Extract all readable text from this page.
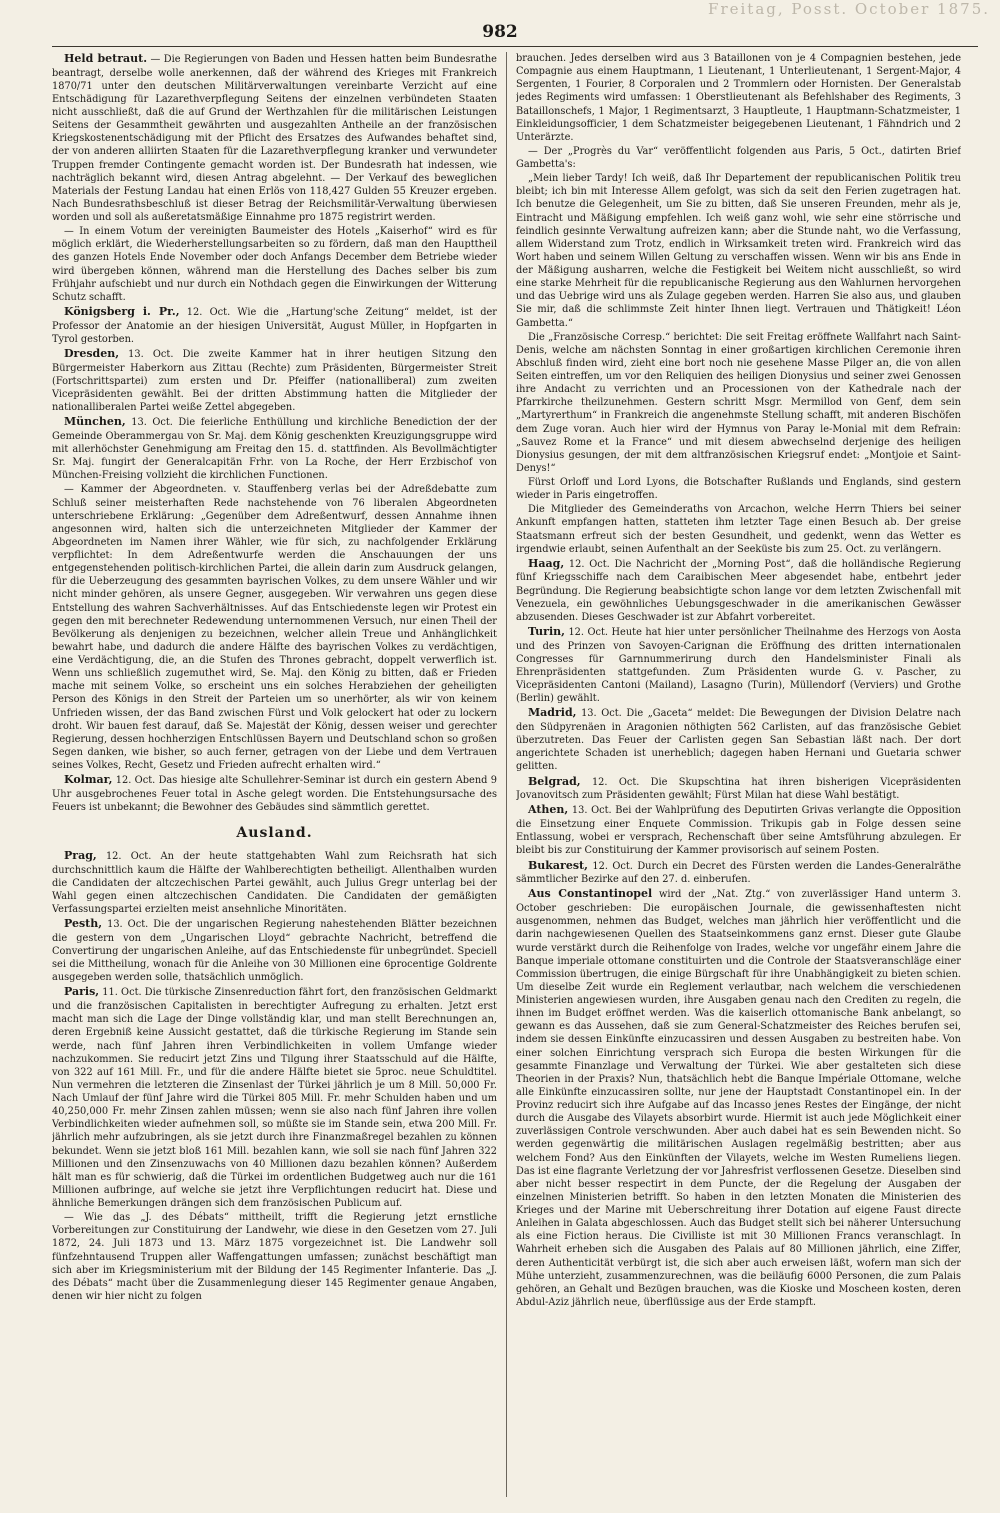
Freitag, Posst. October 1875.
982

Held betraut. — Die Regierungen von Baden und Hessen hatten beim Bundesrathe beantragt, derselbe wolle anerkennen, daß der während des Krieges mit Frankreich 1870/71 unter den deutschen Militärverwaltungen vereinbarte Verzicht auf eine Entschädigung für Lazarethverpflegung Seitens der einzelnen verbündeten Staaten nicht ausschließt, daß die auf Grund der Werthzahlen für die militärischen Leistungen Seitens der Gesammtheit gewährten und ausgezahlten Antheile an der französischen Kriegskostenentschädigung mit der Pflicht des Ersatzes des Aufwandes behaftet sind, der von anderen alliirten Staaten für die Lazarethverpflegung kranker und verwundeter Truppen fremder Contingente gemacht worden ist. Der Bundesrath hat indessen, wie nachträglich bekannt wird, diesen Antrag abgelehnt. — Der Verkauf des beweglichen Materials der Festung Landau hat einen Erlös von 118,427 Gulden 55 Kreuzer ergeben. Nach Bundesrathsbeschluß ist dieser Betrag der Reichsmilitär-Verwaltung überwiesen worden und soll als außeretatsmäßige Einnahme pro 1875 registrirt werden.

— In einem Votum der vereinigten Baumeister des Hotels „Kaiserhof“ wird es für möglich erklärt, die Wiederherstellungsarbeiten so zu fördern, daß man den Haupttheil des ganzen Hotels Ende November oder doch Anfangs December dem Betriebe wieder wird übergeben können, während man die Herstellung des Daches selber bis zum Frühjahr aufschiebt und nur durch ein Nothdach gegen die Einwirkungen der Witterung Schutz schafft.

Königsberg i. Pr., 12. Oct. Wie die „Hartung'sche Zeitung“ meldet, ist der Professor der Anatomie an der hiesigen Universität, August Müller, in Hopfgarten in Tyrol gestorben.

Dresden, 13. Oct. Die zweite Kammer hat in ihrer heutigen Sitzung den Bürgermeister Haberkorn aus Zittau (Rechte) zum Präsidenten, Bürgermeister Streit (Fortschrittspartei) zum ersten und Dr. Pfeiffer (nationalliberal) zum zweiten Vicepräsidenten gewählt. Bei der dritten Abstimmung hatten die Mitglieder der nationalliberalen Partei weiße Zettel abgegeben.

München, 13. Oct. Die feierliche Enthüllung und kirchliche Benediction der der Gemeinde Oberammergau von Sr. Maj. dem König geschenkten Kreuzigungsgruppe wird mit allerhöchster Genehmigung am Freitag den 15. d. stattfinden. Als Bevollmächtigter Sr. Maj. fungirt der Generalcapitän Frhr. von La Roche, der Herr Erzbischof von München-Freising vollzieht die kirchlichen Functionen.

— Kammer der Abgeordneten. v. Stauffenberg verlas bei der Adreßdebatte zum Schluß seiner meisterhaften Rede nachstehende von 76 liberalen Abgeordneten unterschriebene Erklärung: „Gegenüber dem Adreßentwurf, dessen Annahme ihnen angesonnen wird, halten sich die unterzeichneten Mitglieder der Kammer der Abgeordneten im Namen ihrer Wähler, wie für sich, zu nachfolgender Erklärung verpflichtet: In dem Adreßentwurfe werden die Anschauungen der uns entgegenstehenden politisch-kirchlichen Partei, die allein darin zum Ausdruck gelangen, für die Ueberzeugung des gesammten bayrischen Volkes, zu dem unsere Wähler und wir nicht minder gehören, als unsere Gegner, ausgegeben. Wir verwahren uns gegen diese Entstellung des wahren Sachverhältnisses. Auf das Entschiedenste legen wir Protest ein gegen den mit berechneter Redewendung unternommenen Versuch, nur einen Theil der Bevölkerung als denjenigen zu bezeichnen, welcher allein Treue und Anhänglichkeit bewahrt habe, und dadurch die andere Hälfte des bayrischen Volkes zu verdächtigen, eine Verdächtigung, die, an die Stufen des Thrones gebracht, doppelt verwerflich ist. Wenn uns schließlich zugemuthet wird, Se. Maj. den König zu bitten, daß er Frieden mache mit seinem Volke, so erscheint uns ein solches Herabziehen der geheiligten Person des Königs in den Streit der Parteien um so unerhörter, als wir von keinem Unfrieden wissen, der das Band zwischen Fürst und Volk gelockert hat oder zu lockern droht. Wir bauen fest darauf, daß Se. Majestät der König, dessen weiser und gerechter Regierung, dessen hochherzigen Entschlüssen Bayern und Deutschland schon so großen Segen danken, wie bisher, so auch ferner, getragen von der Liebe und dem Vertrauen seines Volkes, Recht, Gesetz und Frieden aufrecht erhalten wird.“

Kolmar, 12. Oct. Das hiesige alte Schullehrer-Seminar ist durch ein gestern Abend 9 Uhr ausgebrochenes Feuer total in Asche gelegt worden. Die Entstehungsursache des Feuers ist unbekannt; die Bewohner des Gebäudes sind sämmtlich gerettet.

Ausland.

Prag, 12. Oct. An der heute stattgehabten Wahl zum Reichsrath hat sich durchschnittlich kaum die Hälfte der Wahlberechtigten betheiligt. Allenthalben wurden die Candidaten der altczechischen Partei gewählt, auch Julius Gregr unterlag bei der Wahl gegen einen altczechischen Candidaten. Die Candidaten der gemäßigten Verfassungspartei erzielten meist ansehnliche Minoritäten.

Pesth, 13. Oct. Die der ungarischen Regierung nahestehenden Blätter bezeichnen die gestern von dem „Ungarischen Lloyd“ gebrachte Nachricht, betreffend die Convertirung der ungarischen Anleihe, auf das Entschiedenste für unbegründet. Speciell sei die Mittheilung, wonach für die Anleihe von 30 Millionen eine 6procentige Goldrente ausgegeben werden solle, thatsächlich unmöglich.

Paris, 11. Oct. Die türkische Zinsenreduction fährt fort, den französischen Geldmarkt und die französischen Capitalisten in berechtigter Aufregung zu erhalten. Jetzt erst macht man sich die Lage der Dinge vollständig klar, und man stellt Berechnungen an, deren Ergebniß keine Aussicht gestattet, daß die türkische Regierung im Stande sein werde, nach fünf Jahren ihren Verbindlichkeiten in vollem Umfange wieder nachzukommen. Sie reducirt jetzt Zins und Tilgung ihrer Staatsschuld auf die Hälfte, von 322 auf 161 Mill. Fr., und für die andere Hälfte bietet sie 5proc. neue Schuldtitel. Nun vermehren die letzteren die Zinsenlast der Türkei jährlich je um 8 Mill. 50,000 Fr. Nach Umlauf der fünf Jahre wird die Türkei 805 Mill. Fr. mehr Schulden haben und um 40,250,000 Fr. mehr Zinsen zahlen müssen; wenn sie also nach fünf Jahren ihre vollen Verbindlichkeiten wieder aufnehmen soll, so müßte sie im Stande sein, etwa 200 Mill. Fr. jährlich mehr aufzubringen, als sie jetzt durch ihre Finanzmaßregel bezahlen zu können bekundet. Wenn sie jetzt bloß 161 Mill. bezahlen kann, wie soll sie nach fünf Jahren 322 Millionen und den Zinsenzuwachs von 40 Millionen dazu bezahlen können? Außerdem hält man es für schwierig, daß die Türkei im ordentlichen Budgetweg auch nur die 161 Millionen aufbringe, auf welche sie jetzt ihre Verpflichtungen reducirt hat. Diese und ähnliche Bemerkungen drängen sich dem französischen Publicum auf.

— Wie das „J. des Débats“ mittheilt, trifft die Regierung jetzt ernstliche Vorbereitungen zur Constituirung der Landwehr, wie diese in den Gesetzen vom 27. Juli 1872, 24. Juli 1873 und 13. März 1875 vorgezeichnet ist. Die Landwehr soll fünfzehntausend Truppen aller Waffengattungen umfassen; zunächst beschäftigt man sich aber im Kriegsministerium mit der Bildung der 145 Regimenter Infanterie. Das „J. des Débats“ macht über die Zusammenlegung dieser 145 Regimenter genaue Angaben, denen wir hier nicht zu folgen

brauchen. Jedes derselben wird aus 3 Bataillonen von je 4 Compagnien bestehen, jede Compagnie aus einem Hauptmann, 1 Lieutenant, 1 Unterlieutenant, 1 Sergent-Major, 4 Sergenten, 1 Fourier, 8 Corporalen und 2 Trommlern oder Hornisten. Der Generalstab jedes Regiments wird umfassen: 1 Oberstlieutenant als Befehlshaber des Regiments, 3 Bataillonschefs, 1 Major, 1 Regimentsarzt, 3 Hauptleute, 1 Hauptmann-Schatzmeister, 1 Einkleidungsofficier, 1 dem Schatzmeister beigegebenen Lieutenant, 1 Fähndrich und 2 Unterärzte.

— Der „Progrès du Var“ veröffentlicht folgenden aus Paris, 5 Oct., datirten Brief Gambetta's:

„Mein lieber Tardy! Ich weiß, daß Ihr Departement der republicanischen Politik treu bleibt; ich bin mit Interesse Allem gefolgt, was sich da seit den Ferien zugetragen hat. Ich benutze die Gelegenheit, um Sie zu bitten, daß Sie unseren Freunden, mehr als je, Eintracht und Mäßigung empfehlen. Ich weiß ganz wohl, wie sehr eine störrische und feindlich gesinnte Verwaltung aufreizen kann; aber die Stunde naht, wo die Verfassung, allem Widerstand zum Trotz, endlich in Wirksamkeit treten wird. Frankreich wird das Wort haben und seinem Willen Geltung zu verschaffen wissen. Wenn wir bis ans Ende in der Mäßigung ausharren, welche die Festigkeit bei Weitem nicht ausschließt, so wird eine starke Mehrheit für die republicanische Regierung aus den Wahlurnen hervorgehen und das Uebrige wird uns als Zulage gegeben werden. Harren Sie also aus, und glauben Sie mir, daß die schlimmste Zeit hinter Ihnen liegt. Vertrauen und Thätigkeit! Léon Gambetta.“

Die „Französische Corresp.“ berichtet: Die seit Freitag eröffnete Wallfahrt nach Saint-Denis, welche am nächsten Sonntag in einer großartigen kirchlichen Ceremonie ihren Abschluß finden wird, zieht eine bort noch nie gesehene Masse Pilger an, die von allen Seiten eintreffen, um vor den Reliquien des heiligen Dionysius und seiner zwei Genossen ihre Andacht zu verrichten und an Processionen von der Kathedrale nach der Pfarrkirche theilzunehmen. Gestern schritt Msgr. Mermillod von Genf, dem sein „Martyrerthum“ in Frankreich die angenehmste Stellung schafft, mit anderen Bischöfen dem Zuge voran. Auch hier wird der Hymnus von Paray le-Monial mit dem Refrain: „Sauvez Rome et la France“ und mit diesem abwechselnd derjenige des heiligen Dionysius gesungen, der mit dem altfranzösischen Kriegsruf endet: „Montjoie et Saint-Denys!“

Fürst Orloff und Lord Lyons, die Botschafter Rußlands und Englands, sind gestern wieder in Paris eingetroffen.

Die Mitglieder des Gemeinderaths von Arcachon, welche Herrn Thiers bei seiner Ankunft empfangen hatten, statteten ihm letzter Tage einen Besuch ab. Der greise Staatsmann erfreut sich der besten Gesundheit, und gedenkt, wenn das Wetter es irgendwie erlaubt, seinen Aufenthalt an der Seeküste bis zum 25. Oct. zu verlängern.

Haag, 12. Oct. Die Nachricht der „Morning Post“, daß die holländische Regierung fünf Kriegsschiffe nach dem Caraibischen Meer abgesendet habe, entbehrt jeder Begründung. Die Regierung beabsichtigte schon lange vor dem letzten Zwischenfall mit Venezuela, ein gewöhnliches Uebungsgeschwader in die amerikanischen Gewässer abzusenden. Dieses Geschwader ist zur Abfahrt vorbereitet.

Turin, 12. Oct. Heute hat hier unter persönlicher Theilnahme des Herzogs von Aosta und des Prinzen von Savoyen-Carignan die Eröffnung des dritten internationalen Congresses für Garnnummerirung durch den Handelsminister Finali als Ehrenpräsidenten stattgefunden. Zum Präsidenten wurde G. v. Pascher, zu Vicepräsidenten Cantoni (Mailand), Lasagno (Turin), Müllendorf (Verviers) und Grothe (Berlin) gewählt.

Madrid, 13. Oct. Die „Gaceta“ meldet: Die Bewegungen der Division Delatre nach den Südpyrenäen in Aragonien nöthigten 562 Carlisten, auf das französische Gebiet überzutreten. Das Feuer der Carlisten gegen San Sebastian läßt nach. Der dort angerichtete Schaden ist unerheblich; dagegen haben Hernani und Guetaria schwer gelitten.

Belgrad, 12. Oct. Die Skupschtina hat ihren bisherigen Vicepräsidenten Jovanovitsch zum Präsidenten gewählt; Fürst Milan hat diese Wahl bestätigt.

Athen, 13. Oct. Bei der Wahlprüfung des Deputirten Grivas verlangte die Opposition die Einsetzung einer Enquete Commission. Trikupis gab in Folge dessen seine Entlassung, wobei er versprach, Rechenschaft über seine Amtsführung abzulegen. Er bleibt bis zur Constituirung der Kammer provisorisch auf seinem Posten.

Bukarest, 12. Oct. Durch ein Decret des Fürsten werden die Landes-Generalräthe sämmtlicher Bezirke auf den 27. d. einberufen.

Aus Constantinopel wird der „Nat. Ztg.“ von zuverlässiger Hand unterm 3. October geschrieben: Die europäischen Journale, die gewissenhaftesten nicht ausgenommen, nehmen das Budget, welches man jährlich hier veröffentlicht und die darin nachgewiesenen Quellen des Staatseinkommens ganz ernst. Dieser gute Glaube wurde verstärkt durch die Reihenfolge von Irades, welche vor ungefähr einem Jahre die Banque imperiale ottomane constituirten und die Controle der Staatsveranschläge einer Commission übertrugen, die einige Bürgschaft für ihre Unabhängigkeit zu bieten schien. Um dieselbe Zeit wurde ein Reglement verlautbar, nach welchem die verschiedenen Ministerien angewiesen wurden, ihre Ausgaben genau nach den Crediten zu regeln, die ihnen im Budget eröffnet werden. Was die kaiserlich ottomanische Bank anbelangt, so gewann es das Aussehen, daß sie zum General-Schatzmeister des Reiches berufen sei, indem sie dessen Einkünfte einzucassiren und dessen Ausgaben zu bestreiten habe. Von einer solchen Einrichtung versprach sich Europa die besten Wirkungen für die gesammte Finanzlage und Verwaltung der Türkei. Wie aber gestalteten sich diese Theorien in der Praxis? Nun, thatsächlich hebt die Banque Impériale Ottomane, welche alle Einkünfte einzucassiren sollte, nur jene der Hauptstadt Constantinopel ein. In der Provinz reducirt sich ihre Aufgabe auf das Incasso jenes Restes der Eingänge, der nicht durch die Ausgabe des Vilayets absorbirt wurde. Hiermit ist auch jede Möglichkeit einer zuverlässigen Controle verschwunden. Aber auch dabei hat es sein Bewenden nicht. So werden gegenwärtig die militärischen Auslagen regelmäßig bestritten; aber aus welchem Fond? Aus den Einkünften der Vilayets, welche im Westen Rumeliens liegen. Das ist eine flagrante Verletzung der vor Jahresfrist verflossenen Gesetze. Dieselben sind aber nicht besser respectirt in dem Puncte, der die Regelung der Ausgaben der einzelnen Ministerien betrifft. So haben in den letzten Monaten die Ministerien des Krieges und der Marine mit Ueberschreitung ihrer Dotation auf eigene Faust directe Anleihen in Galata abgeschlossen. Auch das Budget stellt sich bei näherer Untersuchung als eine Fiction heraus. Die Civilliste ist mit 30 Millionen Francs veranschlagt. In Wahrheit erheben sich die Ausgaben des Palais auf 80 Millionen jährlich, eine Ziffer, deren Authenticität verbürgt ist, die sich aber auch erweisen läßt, wofern man sich der Mühe unterzieht, zusammenzurechnen, was die beiläufig 6000 Personen, die zum Palais gehören, an Gehalt und Bezügen brauchen, was die Kioske und Moscheen kosten, deren Abdul-Aziz jährlich neue, überflüssige aus der Erde stampft.
